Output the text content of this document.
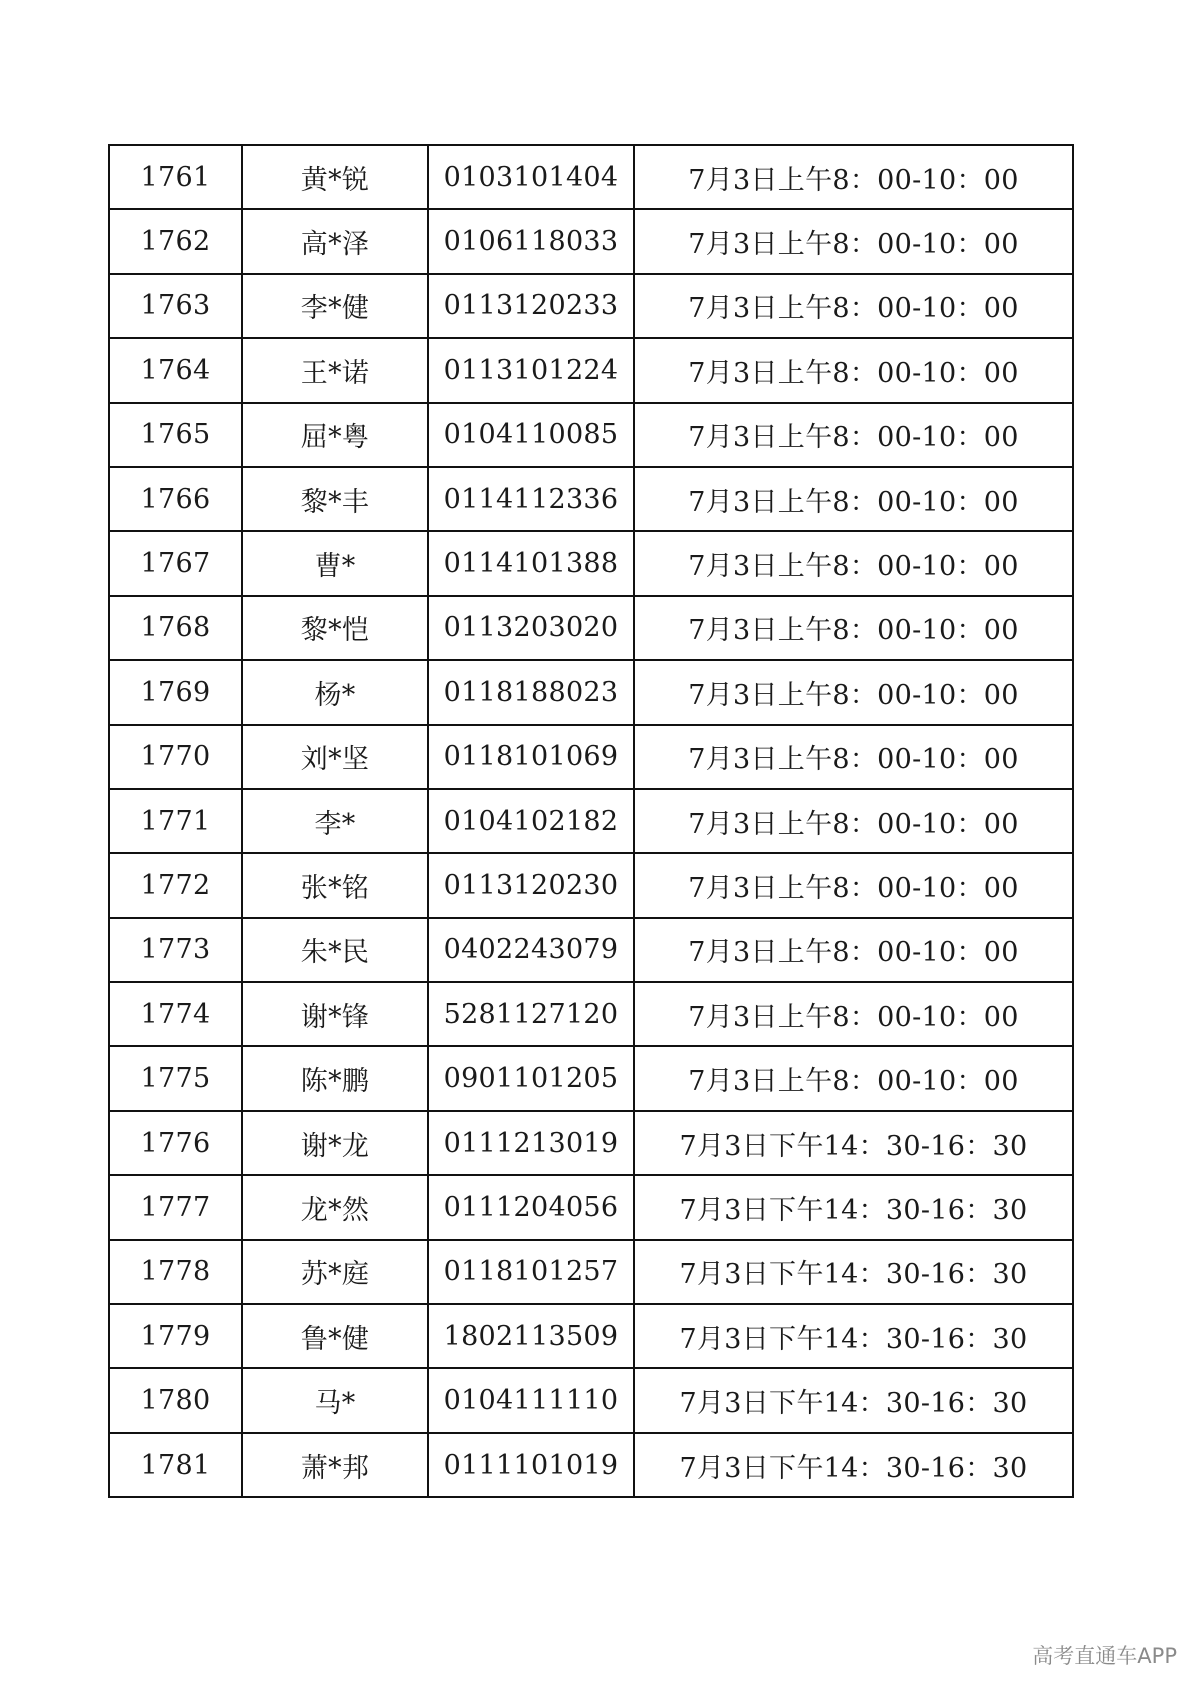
1761	黄*锐	0103101404	7月3日上午8：00-10：00
1762	高*泽	0106118033	7月3日上午8：00-10：00
1763	李*健	0113120233	7月3日上午8：00-10：00
1764	王*诺	0113101224	7月3日上午8：00-10：00
1765	屈*粤	0104110085	7月3日上午8：00-10：00
1766	黎*丰	0114112336	7月3日上午8：00-10：00
1767	曹*	0114101388	7月3日上午8：00-10：00
1768	黎*恺	0113203020	7月3日上午8：00-10：00
1769	杨*	0118188023	7月3日上午8：00-10：00
1770	刘*坚	0118101069	7月3日上午8：00-10：00
1771	李*	0104102182	7月3日上午8：00-10：00
1772	张*铭	0113120230	7月3日上午8：00-10：00
1773	朱*民	0402243079	7月3日上午8：00-10：00
1774	谢*锋	5281127120	7月3日上午8：00-10：00
1775	陈*鹏	0901101205	7月3日上午8：00-10：00
1776	谢*龙	0111213019	7月3日下午14：30-16：30
1777	龙*然	0111204056	7月3日下午14：30-16：30
1778	苏*庭	0118101257	7月3日下午14：30-16：30
1779	鲁*健	1802113509	7月3日下午14：30-16：30
1780	马*	0104111110	7月3日下午14：30-16：30
1781	萧*邦	0111101019	7月3日下午14：30-16：30
高考直通车APP
